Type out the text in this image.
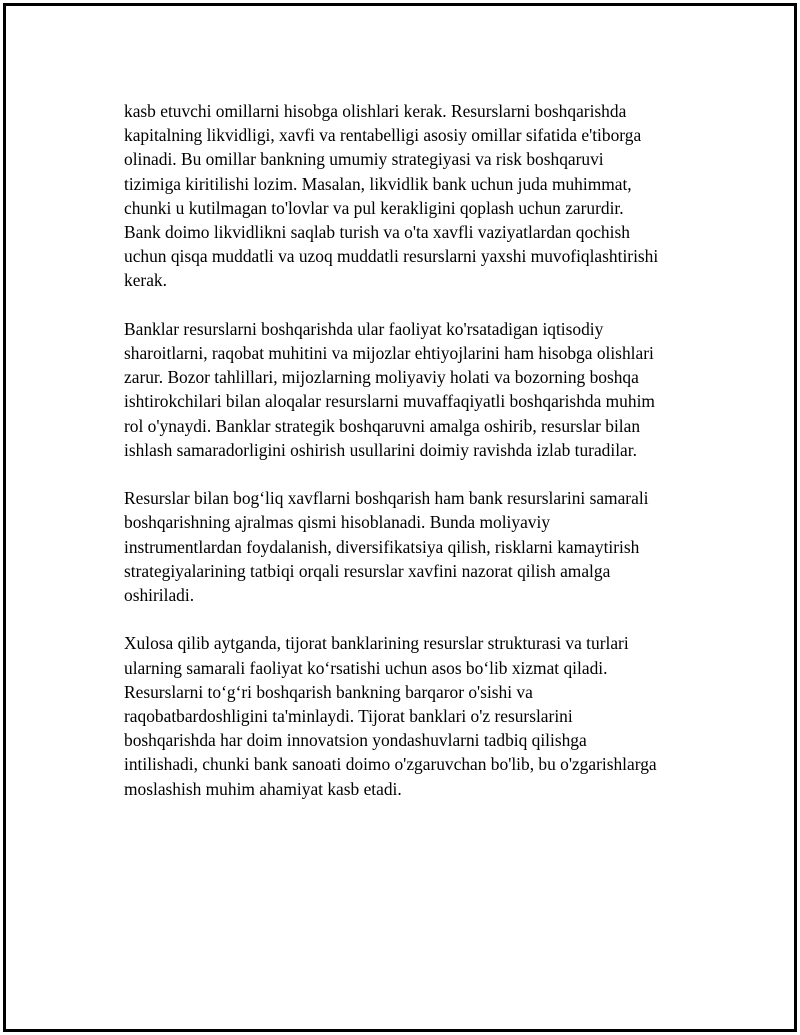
kasb etuvchi omillarni hisobga olishlari kerak. Resurslarni boshqarishda
kapitalning likvidligi, xavfi va rentabelligi asosiy omillar sifatida e'tiborga
olinadi. Bu omillar bankning umumiy strategiyasi va risk boshqaruvi
tizimiga kiritilishi lozim. Masalan, likvidlik bank uchun juda muhimmat,
chunki u kutilmagan to'lovlar va pul kerakligini qoplash uchun zarurdir.
Bank doimo likvidlikni saqlab turish va o'ta xavfli vaziyatlardan qochish
uchun qisqa muddatli va uzoq muddatli resurslarni yaxshi muvofiqlashtirishi
kerak.

Banklar resurslarni boshqarishda ular faoliyat ko'rsatadigan iqtisodiy
sharoitlarni, raqobat muhitini va mijozlar ehtiyojlarini ham hisobga olishlari
zarur. Bozor tahlillari, mijozlarning moliyaviy holati va bozorning boshqa
ishtirokchilari bilan aloqalar resurslarni muvaffaqiyatli boshqarishda muhim
rol o'ynaydi. Banklar strategik boshqaruvni amalga oshirib, resurslar bilan
ishlash samaradorligini oshirish usullarini doimiy ravishda izlab turadilar.

Resurslar bilan bog‘liq xavflarni boshqarish ham bank resurslarini samarali
boshqarishning ajralmas qismi hisoblanadi. Bunda moliyaviy
instrumentlardan foydalanish, diversifikatsiya qilish, risklarni kamaytirish
strategiyalarining tatbiqi orqali resurslar xavfini nazorat qilish amalga
oshiriladi.

Xulosa qilib aytganda, tijorat banklarining resurslar strukturasi va turlari
ularning samarali faoliyat ko‘rsatishi uchun asos bo‘lib xizmat qiladi.
Resurslarni to‘g‘ri boshqarish bankning barqaror o'sishi va
raqobatbardoshligini ta'minlaydi. Tijorat banklari o'z resurslarini
boshqarishda har doim innovatsion yondashuvlarni tadbiq qilishga
intilishadi, chunki bank sanoati doimo o'zgaruvchan bo'lib, bu o'zgarishlarga
moslashish muhim ahamiyat kasb etadi.
